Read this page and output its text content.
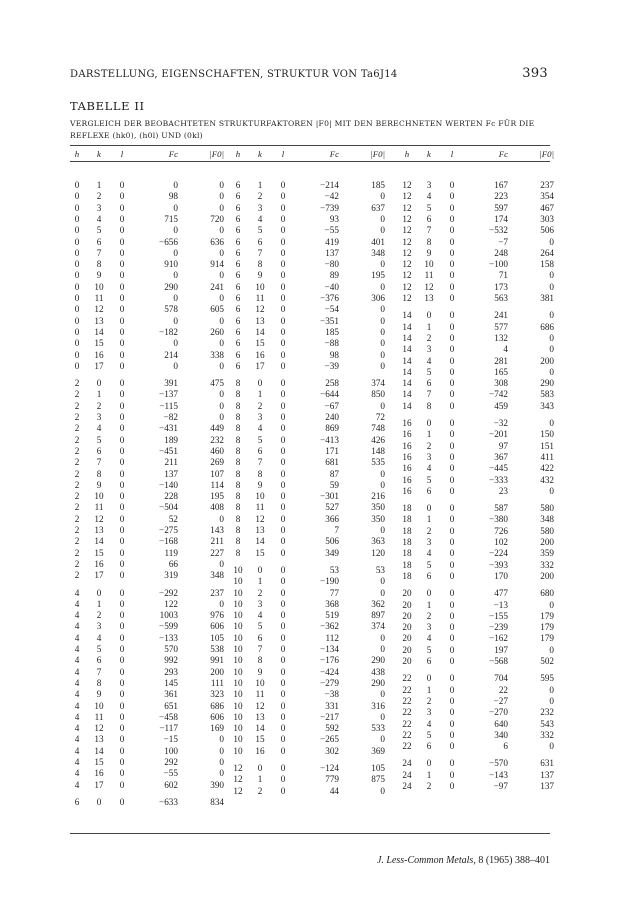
DARSTELLUNG, EIGENSCHAFTEN, STRUKTUR VON Ta6J14	393
TABELLE II
VERGLEICH DER BEOBACHTETEN STRUKTURFAKTOREN |F0| MIT DEN BERECHNETEN WERTEN Fc FÜR DIE REFLEXE (hk0), (h0l) UND (0kl)
h	k	l	Fc	|F0|
0	1	0	0	0
0	2	0	98	0
0	3	0	0	0
0	4	0	715	720
0	5	0	0	0
0	6	0	−656	636
0	7	0	0	0
0	8	0	910	914
0	9	0	0	0
0	10	0	290	241
0	11	0	0	0
0	12	0	578	605
0	13	0	0	0
0	14	0	−182	260
0	15	0	0	0
0	16	0	214	338
0	17	0	0	0
2	0	0	391	475
2	1	0	−137	0
2	2	0	−115	0
2	3	0	−82	0
2	4	0	−431	449
2	5	0	189	232
2	6	0	−451	460
2	7	0	211	269
2	8	0	137	107
2	9	0	−140	114
2	10	0	228	195
2	11	0	−504	408
2	12	0	52	0
2	13	0	−275	143
2	14	0	−168	211
2	15	0	119	227
2	16	0	66	0
2	17	0	319	348
4	0	0	−292	237
4	1	0	122	0
4	2	0	1003	976
4	3	0	−599	606
4	4	0	−133	105
4	5	0	570	538
4	6	0	992	991
4	7	0	293	200
4	8	0	145	111
4	9	0	361	323
4	10	0	651	686
4	11	0	−458	606
4	12	0	−117	169
4	13	0	−15	0
4	14	0	100	0
4	15	0	292	0
4	16	0	−55	0
4	17	0	602	390
6	0	0	−633	834
h	k	l	Fc	|F0|
6	1	0	−214	185
6	2	0	−42	0
6	3	0	−739	637
6	4	0	93	0
6	5	0	−55	0
6	6	0	419	401
6	7	0	137	348
6	8	0	−80	0
6	9	0	89	195
6	10	0	−40	0
6	11	0	−376	306
6	12	0	−54	0
6	13	0	−351	0
6	14	0	185	0
6	15	0	−88	0
6	16	0	98	0
6	17	0	−39	0
8	0	0	258	374
8	1	0	−644	850
8	2	0	−67	0
8	3	0	240	72
8	4	0	869	748
8	5	0	−413	426
8	6	0	171	148
8	7	0	681	535
8	8	0	87	0
8	9	0	59	0
8	10	0	−301	216
8	11	0	527	350
8	12	0	366	350
8	13	0	7	0
8	14	0	506	363
8	15	0	349	120
10	0	0	53	53
10	1	0	−190	0
10	2	0	77	0
10	3	0	368	362
10	4	0	519	897
10	5	0	−362	374
10	6	0	112	0
10	7	0	−134	0
10	8	0	−176	290
10	9	0	−424	438
10	10	0	−279	290
10	11	0	−38	0
10	12	0	331	316
10	13	0	−217	0
10	14	0	592	533
10	15	0	−265	0
10	16	0	302	369
12	0	0	−124	105
12	1	0	779	875
12	2	0	44	0
h	k	l	Fc	|F0|
12	3	0	167	237
12	4	0	223	354
12	5	0	597	467
12	6	0	174	303
12	7	0	−532	506
12	8	0	−7	0
12	9	0	248	264
12	10	0	−100	158
12	11	0	71	0
12	12	0	173	0
12	13	0	563	381
14	0	0	241	0
14	1	0	577	686
14	2	0	132	0
14	3	0	4	0
14	4	0	281	200
14	5	0	165	0
14	6	0	308	290
14	7	0	−742	583
14	8	0	459	343
16	0	0	−32	0
16	1	0	−201	150
16	2	0	97	151
16	3	0	367	411
16	4	0	−445	422
16	5	0	−333	432
16	6	0	23	0
18	0	0	587	580
18	1	0	−380	348
18	2	0	726	580
18	3	0	102	200
18	4	0	−224	359
18	5	0	−393	332
18	6	0	170	200
20	0	0	477	680
20	1	0	−13	0
20	2	0	−155	179
20	3	0	−239	179
20	4	0	−162	179
20	5	0	197	0
20	6	0	−568	502
22	0	0	704	595
22	1	0	22	0
22	2	0	−27	0
22	3	0	−270	232
22	4	0	640	543
22	5	0	340	332
22	6	0	6	0
24	0	0	−570	631
24	1	0	−143	137
24	2	0	−97	137
J. Less-Common Metals, 8 (1965) 388–401
